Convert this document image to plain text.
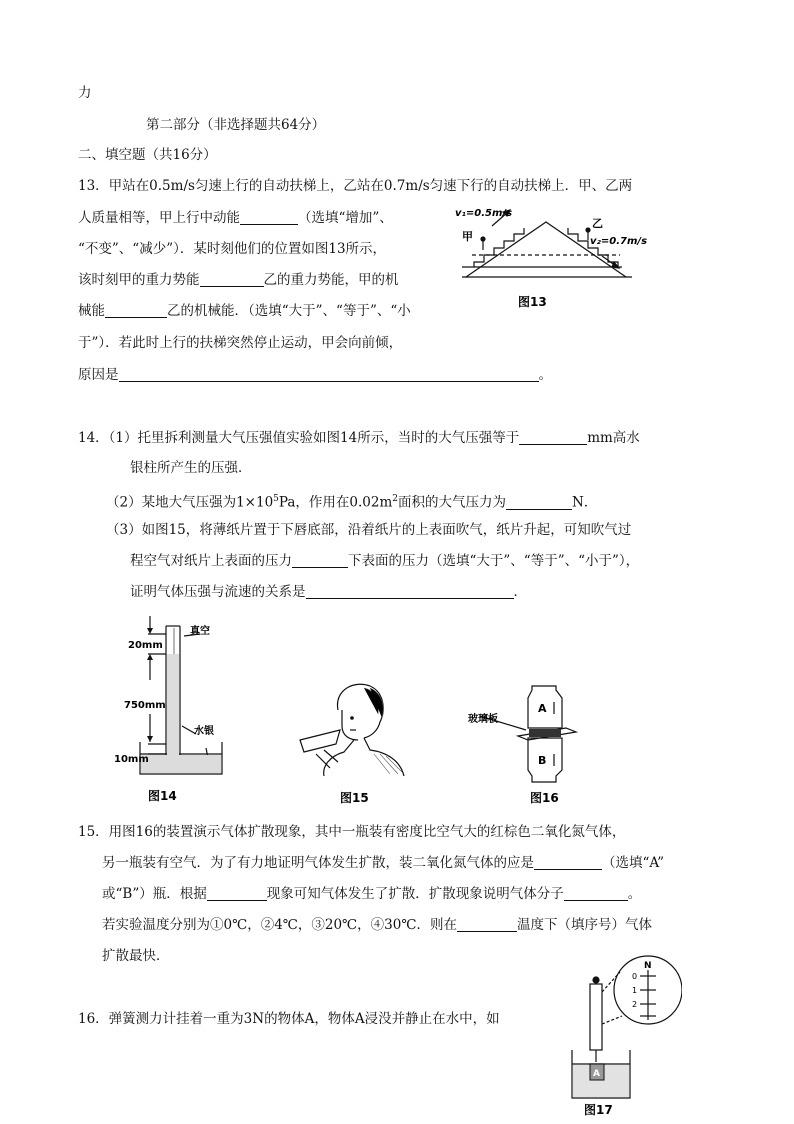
力
第二部分（非选择题共64分）
二、填空题（共16分）
13．甲站在0.5m/s匀速上行的自动扶梯上，乙站在0.7m/s匀速下行的自动扶梯上．甲、乙两
人质量相等，甲上行中动能	（选填“增加”、
“不变”、“减少”）．某时刻他们的位置如图13所示，
该时刻甲的重力势能	乙的重力势能，甲的机
械能	乙的机械能．（选填“大于”、“等于”、“小
于”）．若此时上行的扶梯突然停止运动，甲会向前倾，
原因是	。
v₁=0.5m/s
v₂=0.7m/s
甲
乙
图13
14．（1）托里拆利测量大气压强值实验如图14所示，当时的大气压强等于	mm高水
银柱所产生的压强．
（2）某地大气压强为$1\times 10^5Pa$，作用在$0.02m^2$面积的大气压力为	N．
（3）如图15，将薄纸片置于下唇底部，沿着纸片的上表面吹气，纸片升起，可知吹气过
程空气对纸片上表面的压力	下表面的压力（选填“大于”、“等于”、“小于”），
证明气体压强与流速的关系是	．
真空
20mm
750mm
10mm
水银
图14	图15
A
B
玻璃板
图16
15．用图16的装置演示气体扩散现象，其中一瓶装有密度比空气大的红棕色二氧化氮气体，
另一瓶装有空气．为了有力地证明气体发生扩散，装二氧化氮气体的应是	（选填“A”
或“B”）瓶．根据	现象可知气体发生了扩散．扩散现象说明气体分子	。
若实验温度分别为①0℃，②4℃，③20℃，④30℃．则在	温度下（填序号）气体
扩散最快．
16．弹簧测力计挂着一重为3N的物体A，物体A浸没并静止在水中，如
N
0
1
2
A
图17
